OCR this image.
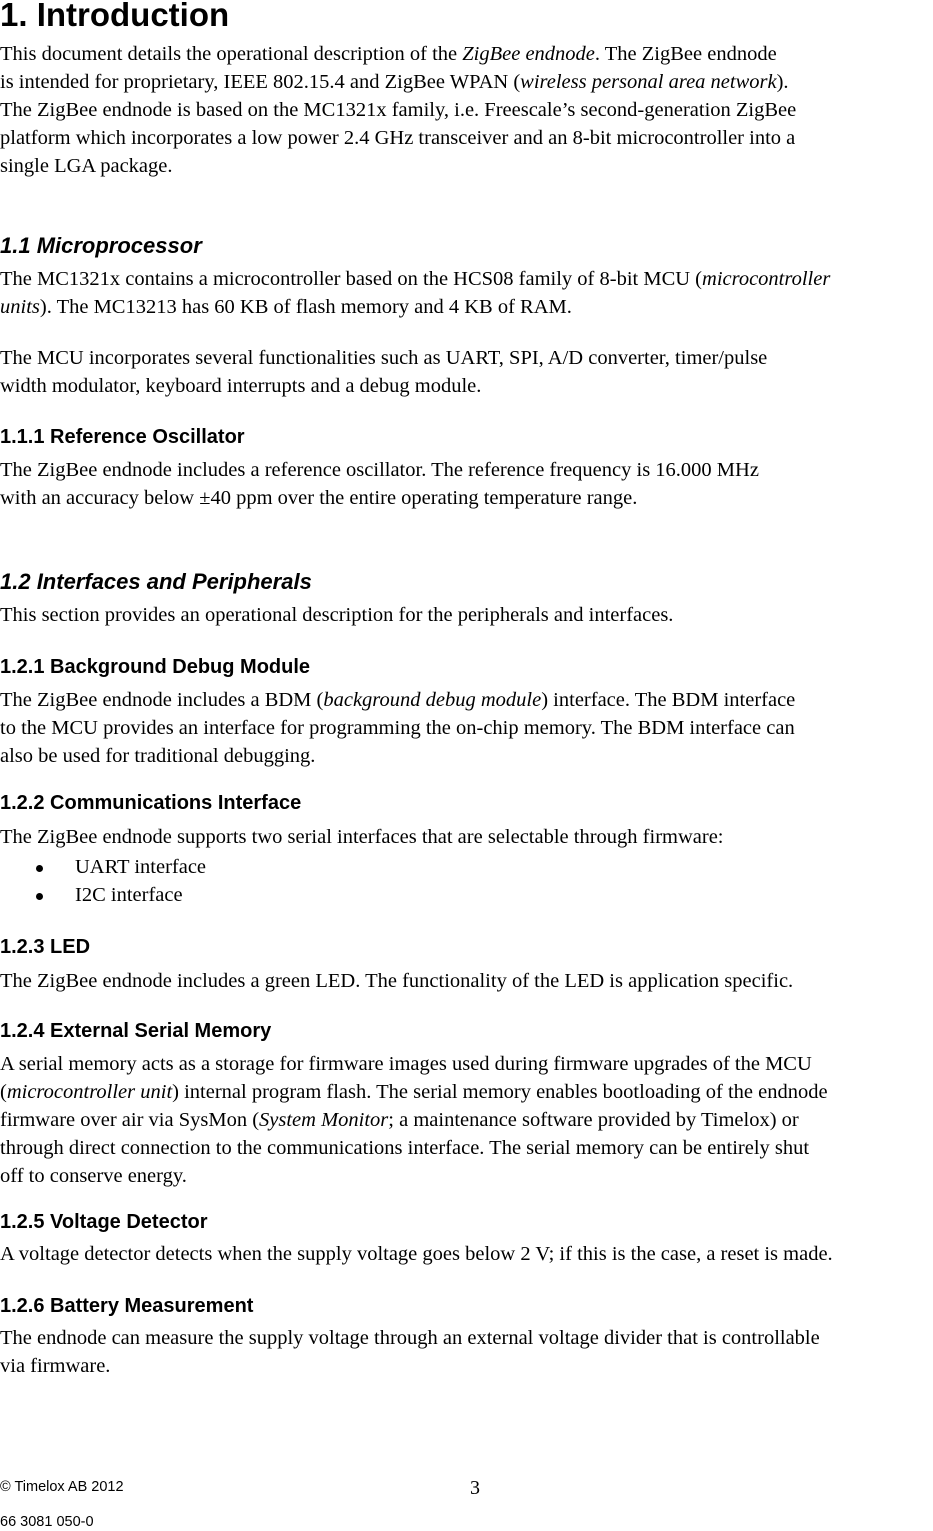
1. Introduction
This document details the operational description of the ZigBee endnode. The ZigBee endnode
is intended for proprietary, IEEE 802.15.4 and ZigBee WPAN (wireless personal area network).
The ZigBee endnode is based on the MC1321x family, i.e. Freescale’s second-generation ZigBee
platform which incorporates a low power 2.4 GHz transceiver and an 8-bit microcontroller into a
single LGA package.
1.1 Microprocessor
The MC1321x contains a microcontroller based on the HCS08 family of 8-bit MCU (microcontroller
units). The MC13213 has 60 KB of flash memory and 4 KB of RAM.
The MCU incorporates several functionalities such as UART, SPI, A/D converter, timer/pulse
width modulator, keyboard interrupts and a debug module.
1.1.1 Reference Oscillator
The ZigBee endnode includes a reference oscillator. The reference frequency is 16.000 MHz
with an accuracy below ±40 ppm over the entire operating temperature range.
1.2 Interfaces and Peripherals
This section provides an operational description for the peripherals and interfaces.
1.2.1 Background Debug Module
The ZigBee endnode includes a BDM (background debug module) interface. The BDM interface
to the MCU provides an interface for programming the on-chip memory. The BDM interface can
also be used for traditional debugging.
1.2.2 Communications Interface
The ZigBee endnode supports two serial interfaces that are selectable through firmware:
UART interface
I2C interface
1.2.3 LED
The ZigBee endnode includes a green LED. The functionality of the LED is application specific.
1.2.4 External Serial Memory
A serial memory acts as a storage for firmware images used during firmware upgrades of the MCU
(microcontroller unit) internal program flash. The serial memory enables bootloading of the endnode
firmware over air via SysMon (System Monitor; a maintenance software provided by Timelox) or
through direct connection to the communications interface. The serial memory can be entirely shut
off to conserve energy.
1.2.5 Voltage Detector
A voltage detector detects when the supply voltage goes below 2 V; if this is the case, a reset is made.
1.2.6 Battery Measurement
The endnode can measure the supply voltage through an external voltage divider that is controllable
via firmware.
© Timelox AB 2012	3
66 3081 050-0
